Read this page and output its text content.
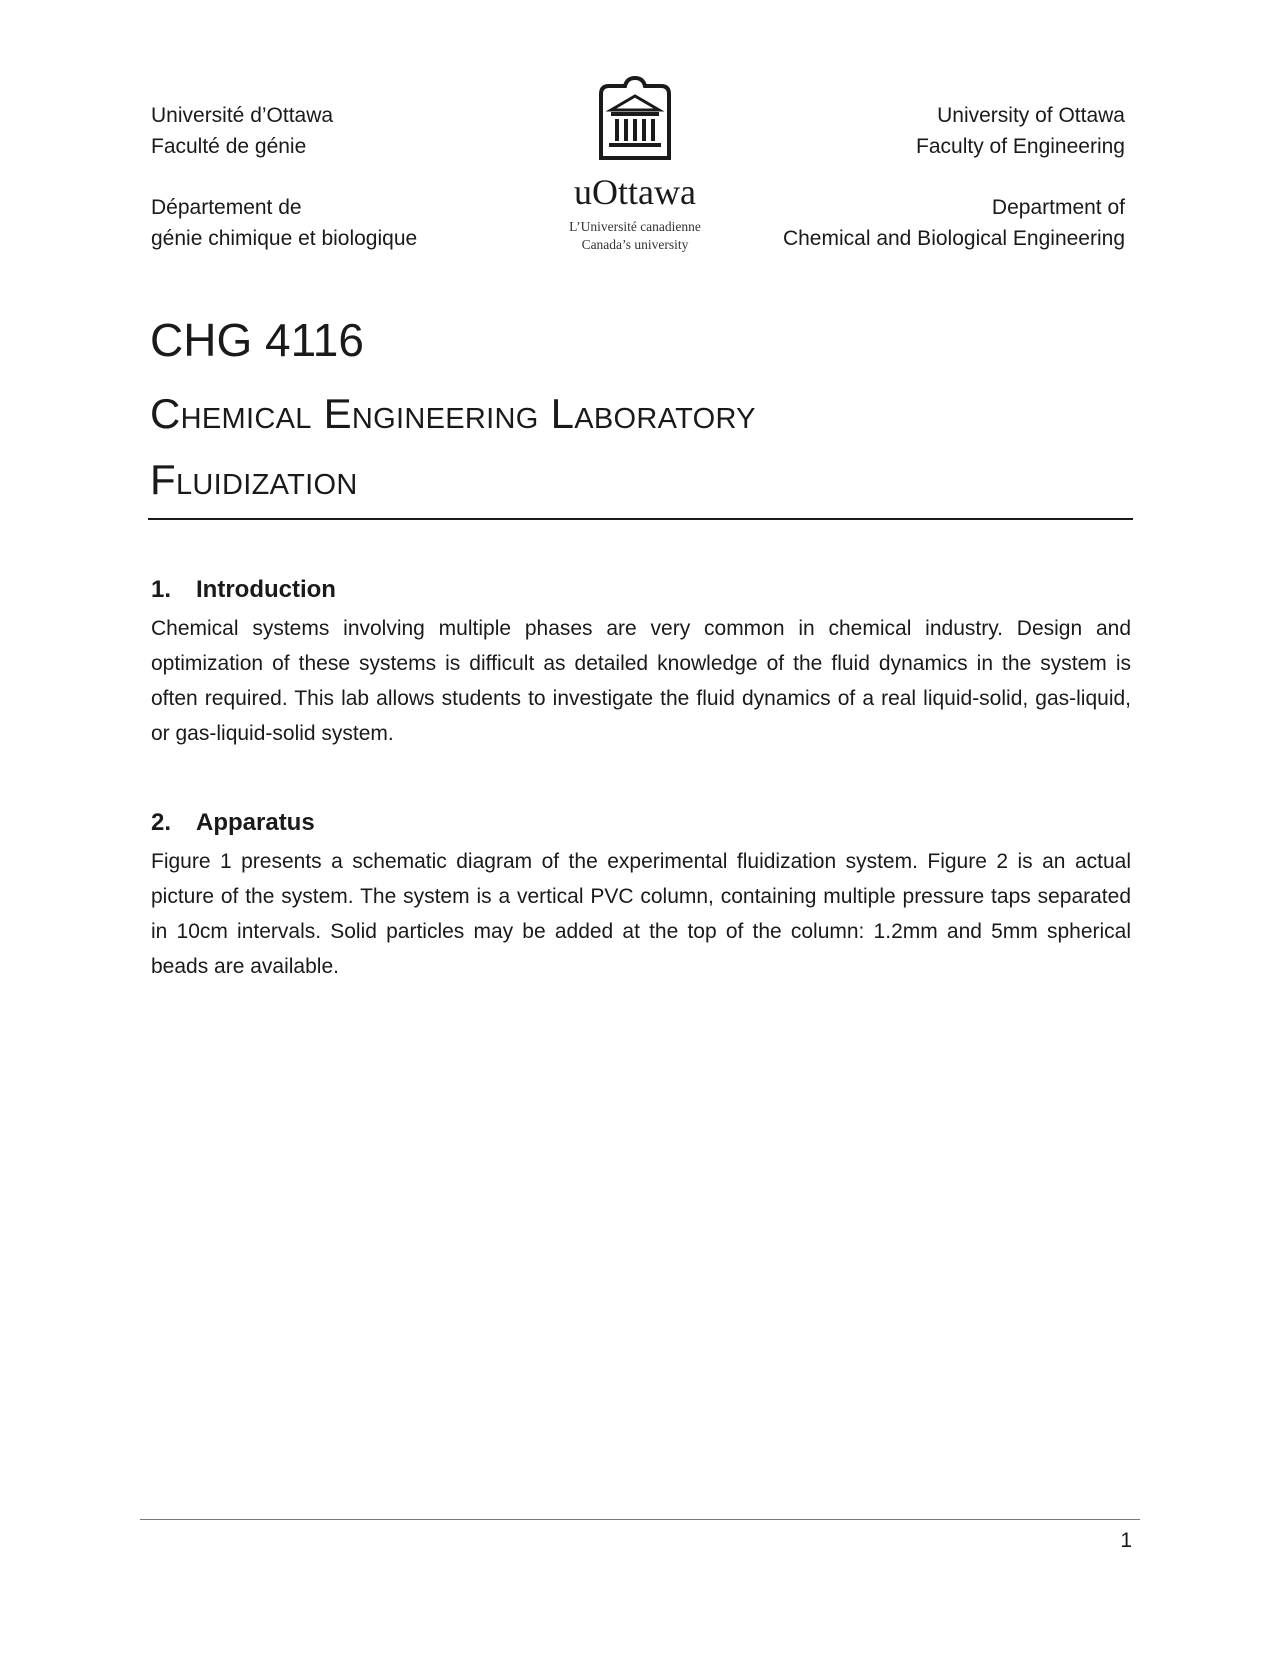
Université d’Ottawa
Faculté de génie
Département de
génie chimique et biologique
uOttawa
L’Université canadienne
Canada’s university
University of Ottawa
Faculty of Engineering
Department of
Chemical and Biological Engineering
CHG 4116
Chemical Engineering Laboratory
Fluidization
1. Introduction
Chemical systems involving multiple phases are very common in chemical industry. Design and optimization of these systems is difficult as detailed knowledge of the fluid dynamics in the system is often required. This lab allows students to investigate the fluid dynamics of a real liquid-solid, gas-liquid, or gas-liquid-solid system.
2. Apparatus
Figure 1 presents a schematic diagram of the experimental fluidization system. Figure 2 is an actual picture of the system. The system is a vertical PVC column, containing multiple pressure taps separated in 10cm intervals. Solid particles may be added at the top of the column: 1.2mm and 5mm spherical beads are available.
1
